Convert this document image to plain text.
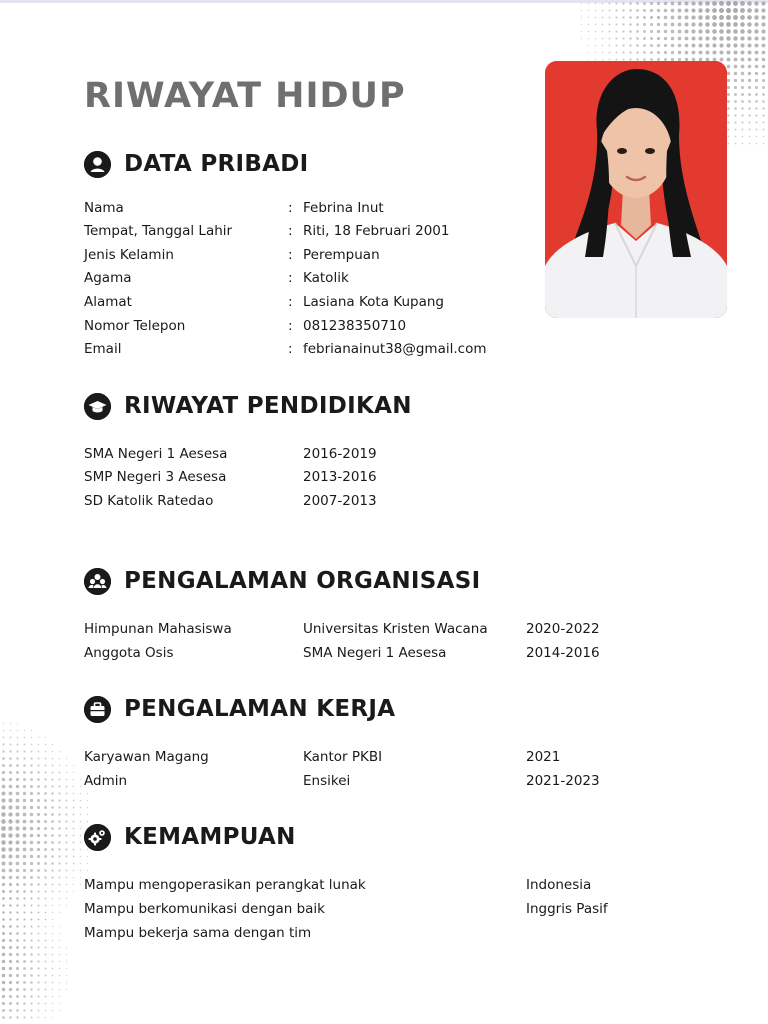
RIWAYAT HIDUP
DATA PRIBADI
Nama	: Febrina Inut
Tempat, Tanggal Lahir	: Riti, 18 Februari 2001
Jenis Kelamin	: Perempuan
Agama	: Katolik
Alamat	: Lasiana Kota Kupang
Nomor Telepon	: 081238350710
Email	: febrianainut38@gmail.com
RIWAYAT PENDIDIKAN
SMA Negeri 1 Aesesa	2016-2019
SMP Negeri 3 Aesesa	2013-2016
SD Katolik Ratedao	2007-2013
PENGALAMAN ORGANISASI
Himpunan Mahasiswa	Universitas Kristen Wacana	2020-2022
Anggota Osis	SMA Negeri 1 Aesesa	2014-2016
PENGALAMAN KERJA
Karyawan Magang	Kantor PKBI	2021
Admin	Ensikei	2021-2023
KEMAMPUAN
Mampu mengoperasikan perangkat lunak	Indonesia
Mampu berkomunikasi dengan baik	Inggris Pasif
Mampu bekerja sama dengan tim
